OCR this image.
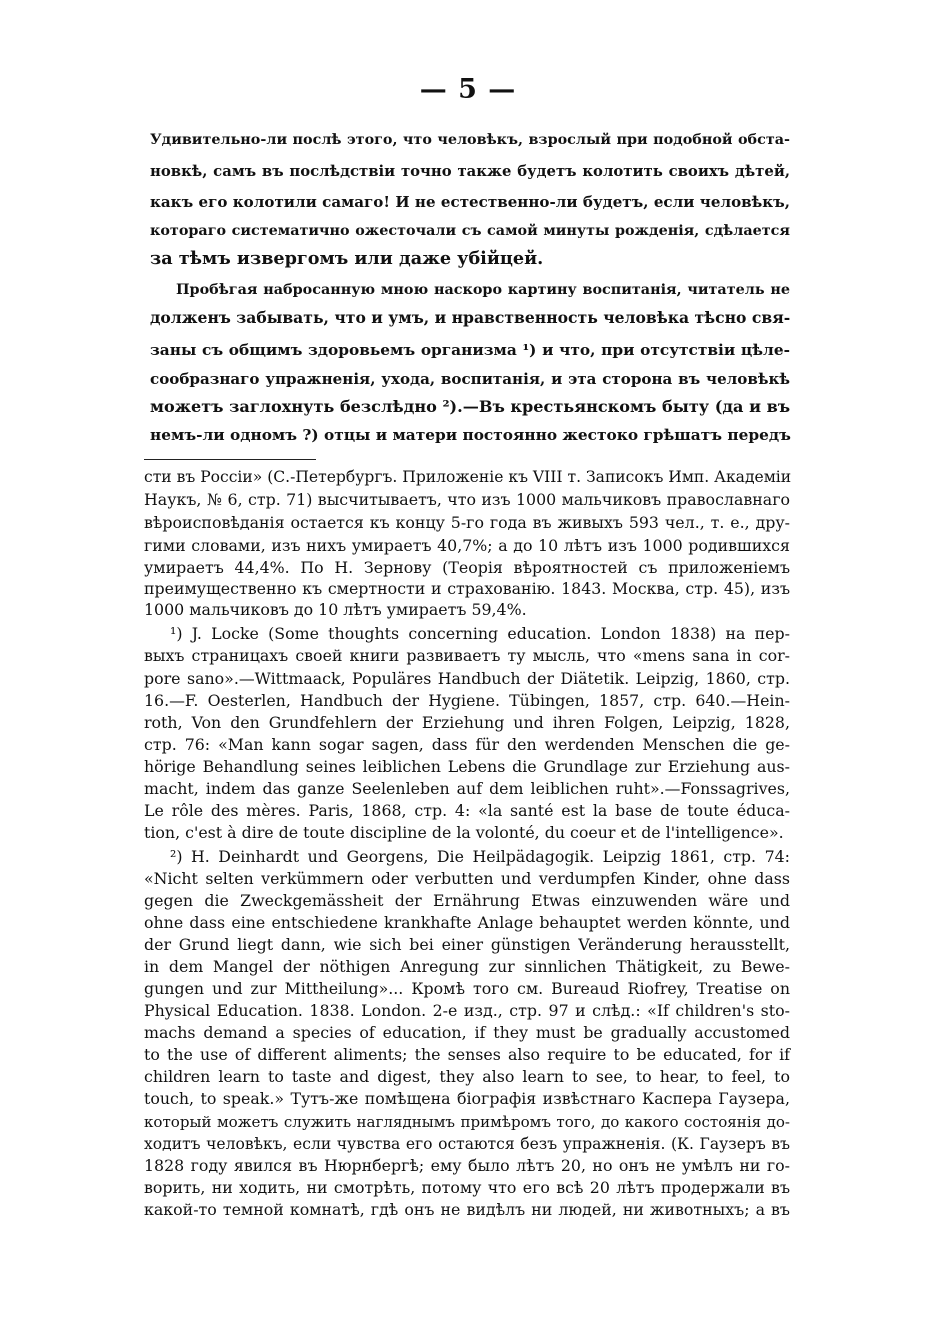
— 5 —
Удивительно-ли послѣ этого, что человѣкъ, взрослый при подобной обста-
новкѣ, самъ въ послѣдствіи точно также будетъ колотить своихъ дѣтей,
какъ его колотили самаго! И не естественно-ли будетъ, если человѣкъ,
котораго систематично ожесточали съ самой минуты рожденія, сдѣлается
за тѣмъ извергомъ или даже убійцей.
Пробѣгая набросанную мною наскоро картину воспитанія, читатель не
долженъ забывать, что и умъ, и нравственность человѣка тѣсно свя-
заны съ общимъ здоровьемъ организма ¹) и что, при отсутствіи цѣле-
сообразнаго упражненія, ухода, воспитанія, и эта сторона въ человѣкѣ
можетъ заглохнуть безслѣдно ²).—Въ крестьянскомъ быту (да и въ
немъ-ли одномъ ?) отцы и матери постоянно жестоко грѣшатъ передъ
сти въ Россіи» (С.-Петербургъ. Приложеніе къ VIII т. Записокъ Имп. Академіи
Наукъ, № 6, стр. 71) высчитываетъ, что изъ 1000 мальчиковъ православнаго
вѣроисповѣданія остается къ концу 5-го года въ живыхъ 593 чел., т. е., дру-
гими словами, изъ нихъ умираетъ 40,7%; а до 10 лѣтъ изъ 1000 родившихся
умираетъ 44,4%. По Н. Зернову (Теорія вѣроятностей съ приложеніемъ
преимущественно къ смертности и страхованію. 1843. Москва, стр. 45), изъ
1000 мальчиковъ до 10 лѣтъ умираетъ 59,4%.
¹) J. Locke (Some thoughts concerning education. London 1838) на пер-
выхъ страницахъ своей книги развиваетъ ту мысль, что «mens sana in cor-
pore sano».—Wittmaack, Populäres Handbuch der Diätetik. Leipzig, 1860, стр.
16.—F. Oesterlen, Handbuch der Hygiene. Tübingen, 1857, стр. 640.—Hein-
roth, Von den Grundfehlern der Erziehung und ihren Folgen, Leipzig, 1828,
стр. 76: «Man kann sogar sagen, dass für den werdenden Menschen die ge-
hörige Behandlung seines leiblichen Lebens die Grundlage zur Erziehung aus-
macht, indem das ganze Seelenleben auf dem leiblichen ruht».—Fonssagrives,
Le rôle des mères. Paris, 1868, стр. 4: «la santé est la base de toute éduca-
tion, c'est à dire de toute discipline de la volonté, du coeur et de l'intelligence».
²) H. Deinhardt und Georgens, Die Heilpädagogik. Leipzig 1861, стр. 74:
«Nicht selten verkümmern oder verbutten und verdumpfen Kinder, ohne dass
gegen die Zweckgemässheit der Ernährung Etwas einzuwenden wäre und
ohne dass eine entschiedene krankhafte Anlage behauptet werden könnte, und
der Grund liegt dann, wie sich bei einer günstigen Veränderung herausstellt,
in dem Mangel der nöthigen Anregung zur sinnlichen Thätigkeit, zu Bewe-
gungen und zur Mittheilung»... Кромѣ того см. Bureaud Riofrey, Treatise on
Physical Education. 1838. London. 2-е изд., стр. 97 и слѣд.: «If children's sto-
machs demand a species of education, if they must be gradually accustomed
to the use of different aliments; the senses also require to be educated, for if
children learn to taste and digest, they also learn to see, to hear, to feel, to
touch, to speak.» Тутъ-же помѣщена біографія извѣстнаго Каспера Гаузера,
который можетъ служить нагляднымъ примѣромъ того, до какого состоянія до-
ходитъ человѣкъ, если чувства его остаются безъ упражненія. (К. Гаузеръ въ
1828 году явился въ Нюрнбергѣ; ему было лѣтъ 20, но онъ не умѣлъ ни го-
ворить, ни ходить, ни смотрѣть, потому что его всѣ 20 лѣтъ продержали въ
какой-то темной комнатѣ, гдѣ онъ не видѣлъ ни людей, ни животныхъ; а въ
